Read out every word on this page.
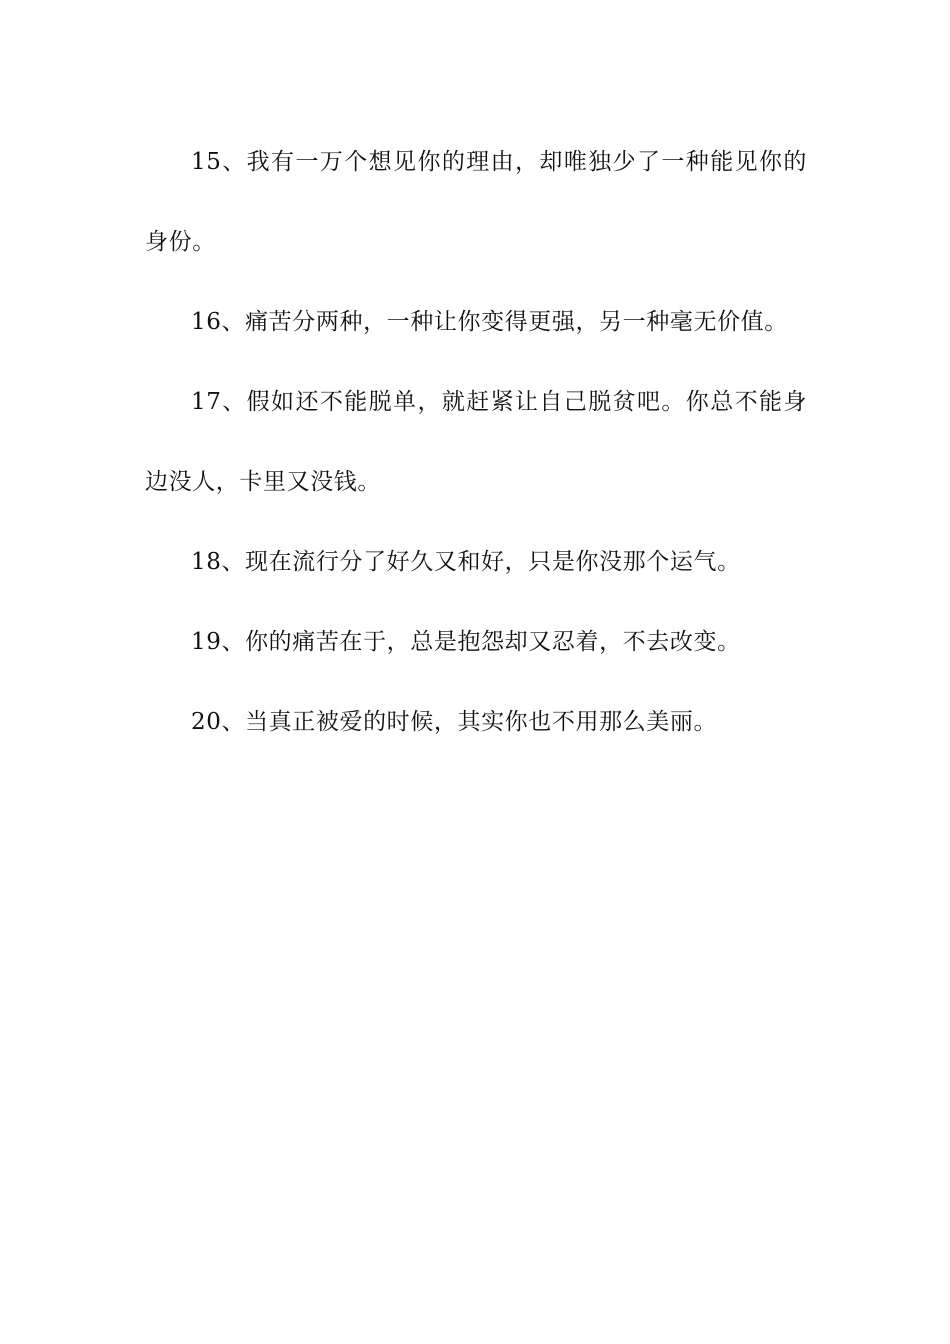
15、我有一万个想见你的理由，却唯独少了一种能见你的身份。

16、痛苦分两种，一种让你变得更强，另一种毫无价值。

17、假如还不能脱单，就赶紧让自己脱贫吧。你总不能身边没人，卡里又没钱。

18、现在流行分了好久又和好，只是你没那个运气。

19、你的痛苦在于，总是抱怨却又忍着，不去改变。

20、当真正被爱的时候，其实你也不用那么美丽。
